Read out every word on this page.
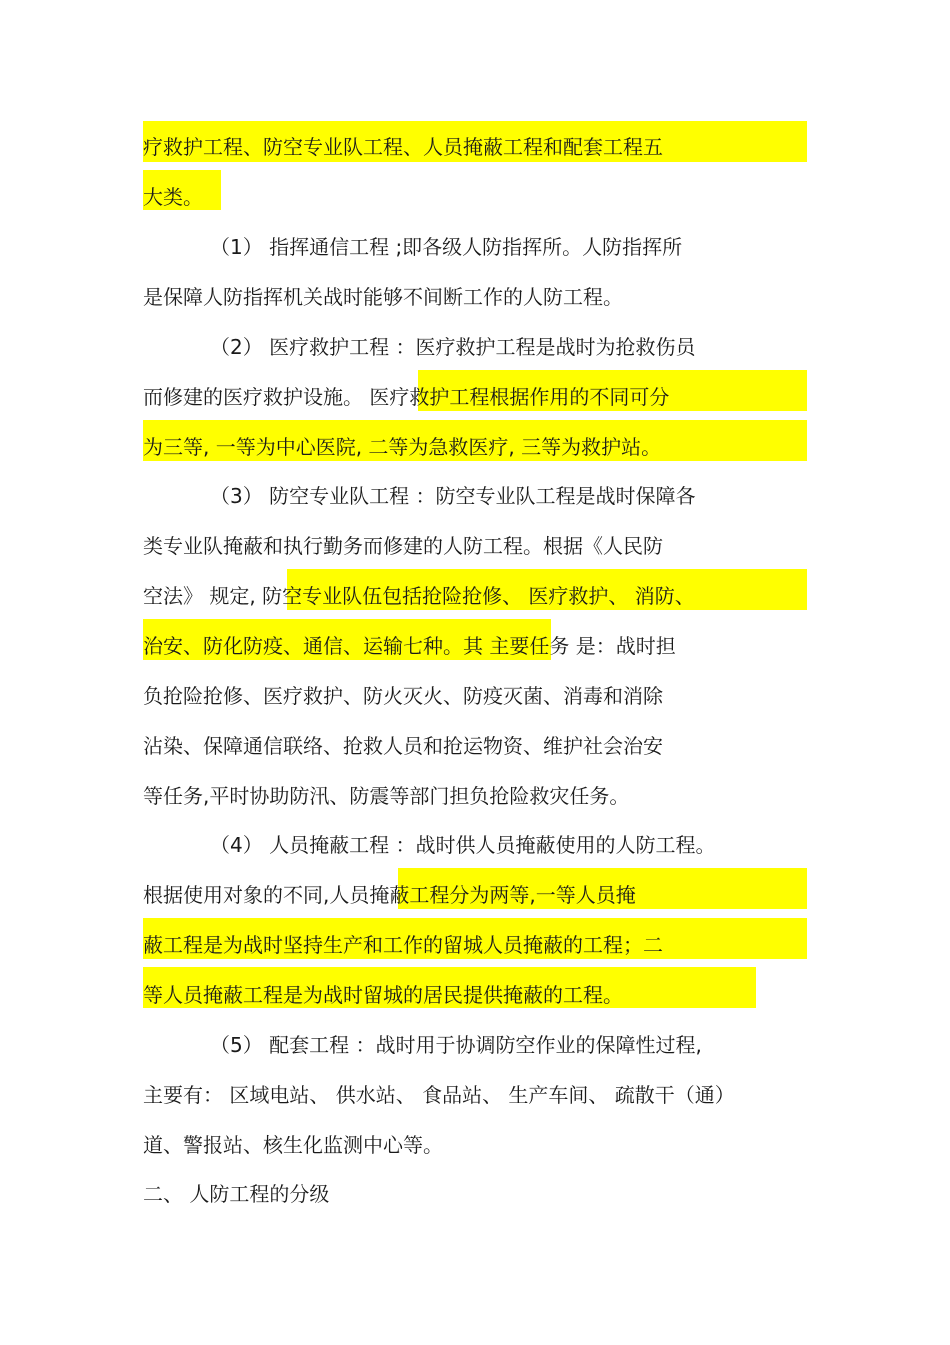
疗救护工程、防空专业队工程、人员掩蔽工程和配套工程五
大类。
（1） 指挥通信工程 ;即各级人防指挥所。人防指挥所
是保障人防指挥机关战时能够不间断工作的人防工程。
（2） 医疗救护工程 ：医疗救护工程是战时为抢救伤员
而修建的医疗救护设施。 医疗救护工程根据作用的不同可分
为三等, 一等为中心医院, 二等为急救医疗, 三等为救护站。
（3） 防空专业队工程 ：防空专业队工程是战时保障各
类专业队掩蔽和执行勤务而修建的人防工程。根据《人民防
空法》 规定, 防空专业队伍包括抢险抢修、 医疗救护、 消防、
治安、防化防疫、通信、运输七种。其 主要任务 是：战时担
负抢险抢修、医疗救护、防火灭火、防疫灭菌、消毒和消除
沾染、保障通信联络、抢救人员和抢运物资、维护社会治安
等任务,平时协助防汛、防震等部门担负抢险救灾任务。
（4） 人员掩蔽工程 ：战时供人员掩蔽使用的人防工程。
根据使用对象的不同,人员掩蔽工程分为两等,一等人员掩
蔽工程是为战时坚持生产和工作的留城人员掩蔽的工程；二
等人员掩蔽工程是为战时留城的居民提供掩蔽的工程。
（5） 配套工程 ：战时用于协调防空作业的保障性过程,
主要有： 区域电站、 供水站、 食品站、 生产车间、 疏散干（通）
道、警报站、核生化监测中心等。
二、 人防工程的分级
